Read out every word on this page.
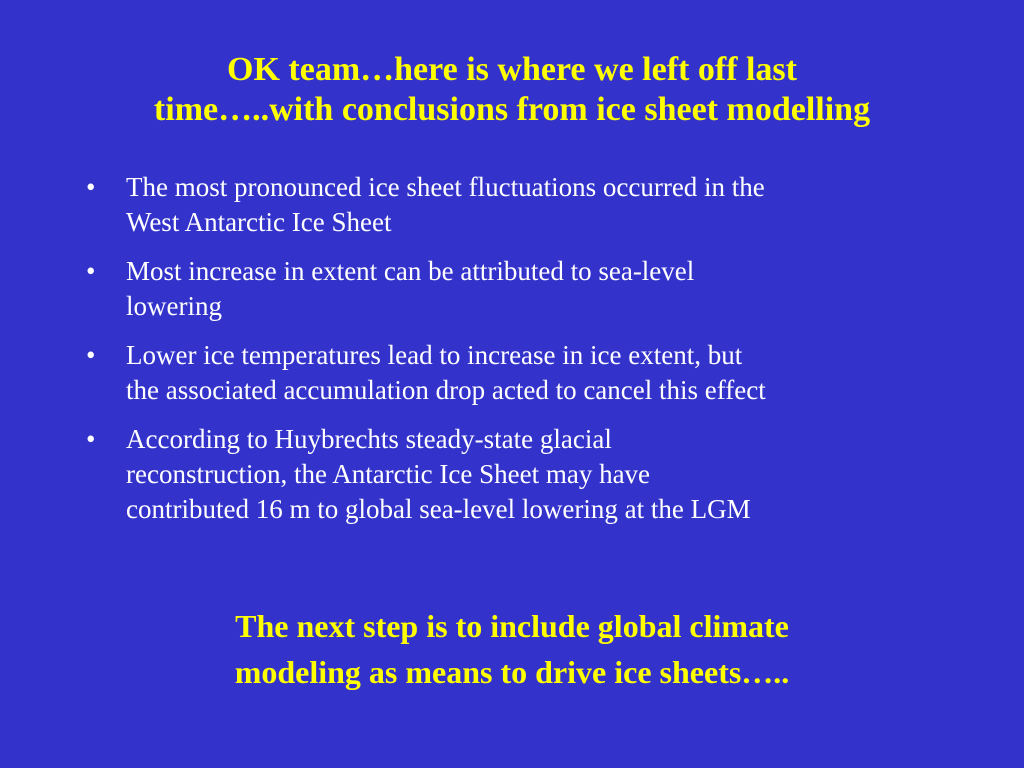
OK team…here is where we left off last
time…..with conclusions from ice sheet modelling
• The most pronounced ice sheet fluctuations occurred in the
West Antarctic Ice Sheet
• Most increase in extent can be attributed to sea-level
lowering
• Lower ice temperatures lead to increase in ice extent, but
the associated accumulation drop acted to cancel this effect
• According to Huybrechts steady-state glacial
reconstruction, the Antarctic Ice Sheet may have
contributed 16 m to global sea-level lowering at the LGM
The next step is to include global climate
modeling as means to drive ice sheets…..
